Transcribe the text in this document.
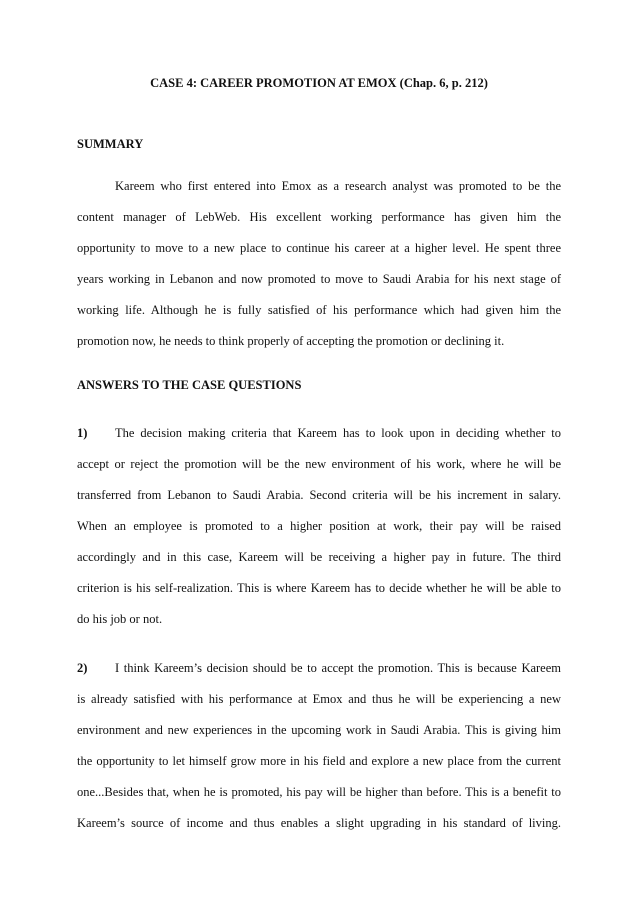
CASE 4: CAREER PROMOTION AT EMOX (Chap. 6, p. 212)
SUMMARY
Kareem who first entered into Emox as a research analyst was promoted to be the
content manager of LebWeb. His excellent working performance has given him the
opportunity to move to a new place to continue his career at a higher level. He spent three
years working in Lebanon and now promoted to move to Saudi Arabia for his next stage of
working life. Although he is fully satisfied of his performance which had given him the
promotion now, he needs to think properly of accepting the promotion or declining it.
ANSWERS TO THE CASE QUESTIONS
1)	The decision making criteria that Kareem has to look upon in deciding whether to
accept or reject the promotion will be the new environment of his work, where he will be
transferred from Lebanon to Saudi Arabia. Second criteria will be his increment in salary.
When an employee is promoted to a higher position at work, their pay will be raised
accordingly and in this case, Kareem will be receiving a higher pay in future. The third
criterion is his self-realization. This is where Kareem has to decide whether he will be able to
do his job or not.
2)	I think Kareem’s decision should be to accept the promotion. This is because Kareem
is already satisfied with his performance at Emox and thus he will be experiencing a new
environment and new experiences in the upcoming work in Saudi Arabia. This is giving him
the opportunity to let himself grow more in his field and explore a new place from the current
one...Besides that, when he is promoted, his pay will be higher than before. This is a benefit to
Kareem’s source of income and thus enables a slight upgrading in his standard of living.
